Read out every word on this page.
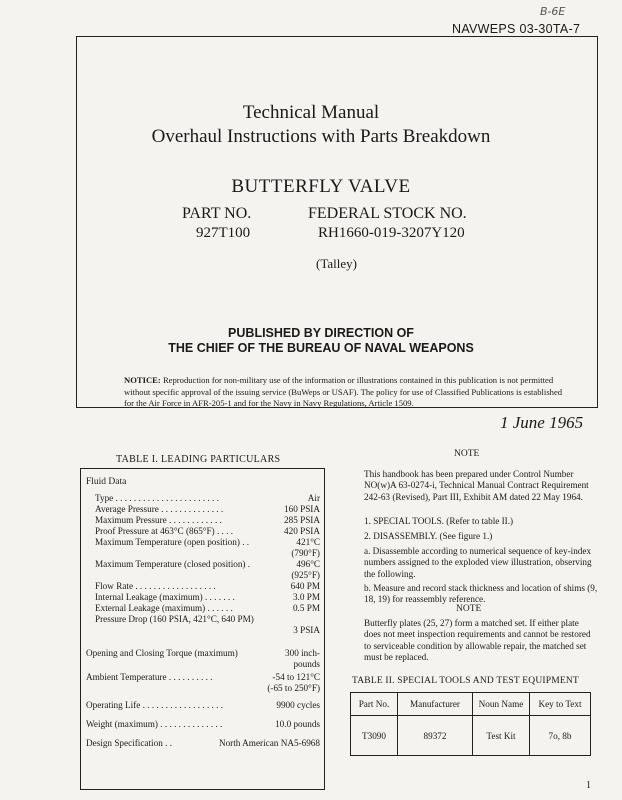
B-6E
NAVWEPS 03-30TA-7
Technical Manual
Overhaul Instructions with Parts Breakdown
BUTTERFLY VALVE
PART NO.
927T100
FEDERAL STOCK NO.
RH1660-019-3207Y120
(Talley)
PUBLISHED BY DIRECTION OF
THE CHIEF OF THE BUREAU OF NAVAL WEAPONS
NOTICE: Reproduction for non-military use of the information or illustrations contained in this publication is not permitted without specific approval of the issuing service (BuWeps or USAF). The policy for use of Classified Publications is established for the Air Force in AFR-205-1 and for the Navy in Navy Regulations, Article 1509.
1 June 1965
TABLE I. LEADING PARTICULARS
Fluid Data
Type . . . . . . . . . . . . . . . . . . . . . . .	Air
Average Pressure . . . . . . . . . . . . . .	160 PSIA
Maximum Pressure . . . . . . . . . . . .	285 PSIA
Proof Pressure at 463°C (865°F) . . . .	420 PSIA
Maximum Temperature (open position) . .	421°C
(790°F)
Maximum Temperature (closed position) .	496°C
(925°F)
Flow Rate . . . . . . . . . . . . . . . . . .	640 PM
Internal Leakage (maximum) . . . . . . .	3.0 PM
External Leakage (maximum) . . . . . .	0.5 PM
Pressure Drop (160 PSIA, 421°C, 640 PM)
3 PSIA
Opening and Closing Torque (maximum)	300 inch-pounds
Ambient Temperature . . . . . . . . . .	-54 to 121°C
(-65 to 250°F)
Operating Life . . . . . . . . . . . . . . . . . .	9900 cycles
Weight (maximum) . . . . . . . . . . . . . .	10.0 pounds
Design Specification . .	North American NA5-6968
NOTE
This handbook has been prepared under Control Number NO(w)A 63-0274-i, Technical Manual Contract Requirement 242-63 (Revised), Part III, Exhibit AM dated 22 May 1964.
1. SPECIAL TOOLS. (Refer to table II.)
2. DISASSEMBLY. (See figure 1.)
a. Disassemble according to numerical sequence of key-index numbers assigned to the exploded view illustration, observing the following.
b. Measure and record stack thickness and location of shims (9, 18, 19) for reassembly reference.
NOTE
Butterfly plates (25, 27) form a matched set. If either plate does not meet inspection requirements and cannot be restored to serviceable condition by allowable repair, the matched set must be replaced.
TABLE II. SPECIAL TOOLS AND TEST EQUIPMENT
Part No.	Manufacturer	Noun Name	Key to Text
T3090	89372	Test Kit	7o, 8b
1
